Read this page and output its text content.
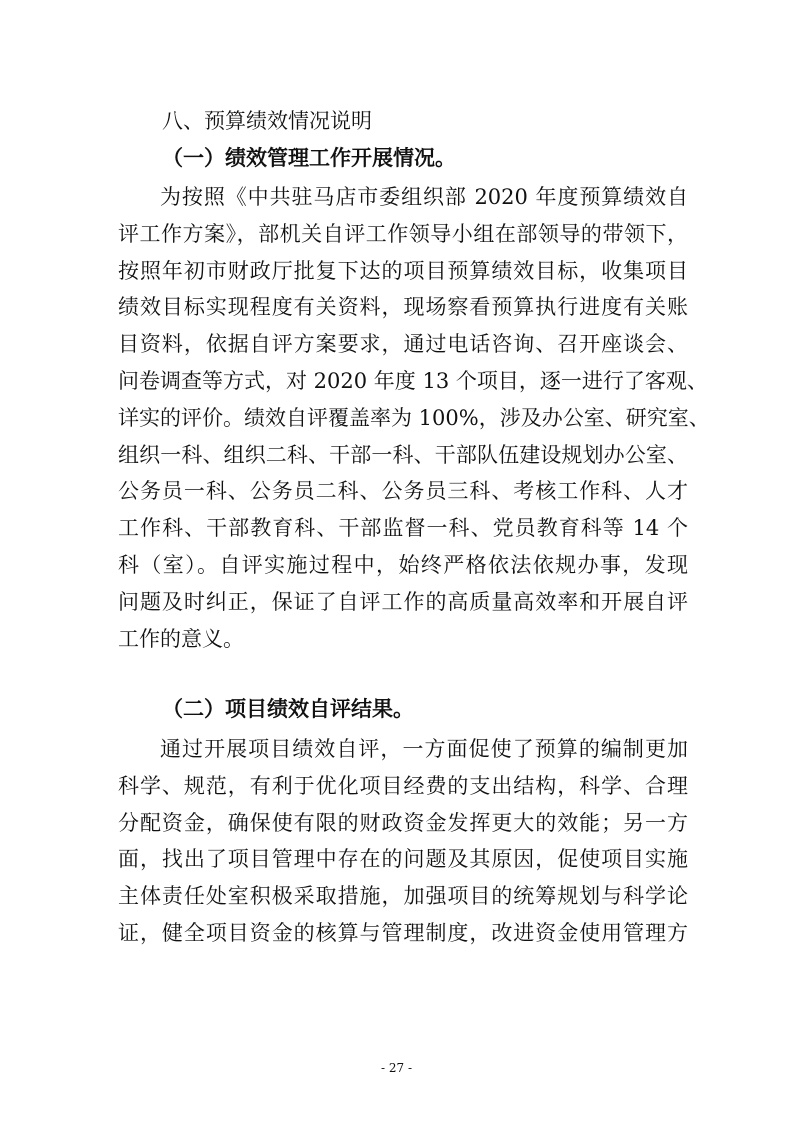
八、预算绩效情况说明
（一）绩效管理工作开展情况。
为按照《中共驻马店市委组织部 2020 年度预算绩效自
评工作方案》，部机关自评工作领导小组在部领导的带领下，
按照年初市财政厅批复下达的项目预算绩效目标，收集项目
绩效目标实现程度有关资料，现场察看预算执行进度有关账
目资料，依据自评方案要求，通过电话咨询、召开座谈会、
问卷调查等方式，对 2020 年度 13 个项目，逐一进行了客观、
详实的评价。绩效自评覆盖率为 100%，涉及办公室、研究室、
组织一科、组织二科、干部一科、干部队伍建设规划办公室、
公务员一科、公务员二科、公务员三科、考核工作科、人才
工作科、干部教育科、干部监督一科、党员教育科等 14 个
科（室）。自评实施过程中，始终严格依法依规办事，发现
问题及时纠正，保证了自评工作的高质量高效率和开展自评
工作的意义。
（二）项目绩效自评结果。
通过开展项目绩效自评，一方面促使了预算的编制更加
科学、规范，有利于优化项目经费的支出结构，科学、合理
分配资金，确保使有限的财政资金发挥更大的效能；另一方
面，找出了项目管理中存在的问题及其原因，促使项目实施
主体责任处室积极采取措施，加强项目的统筹规划与科学论
证，健全项目资金的核算与管理制度，改进资金使用管理方
- 27 -
